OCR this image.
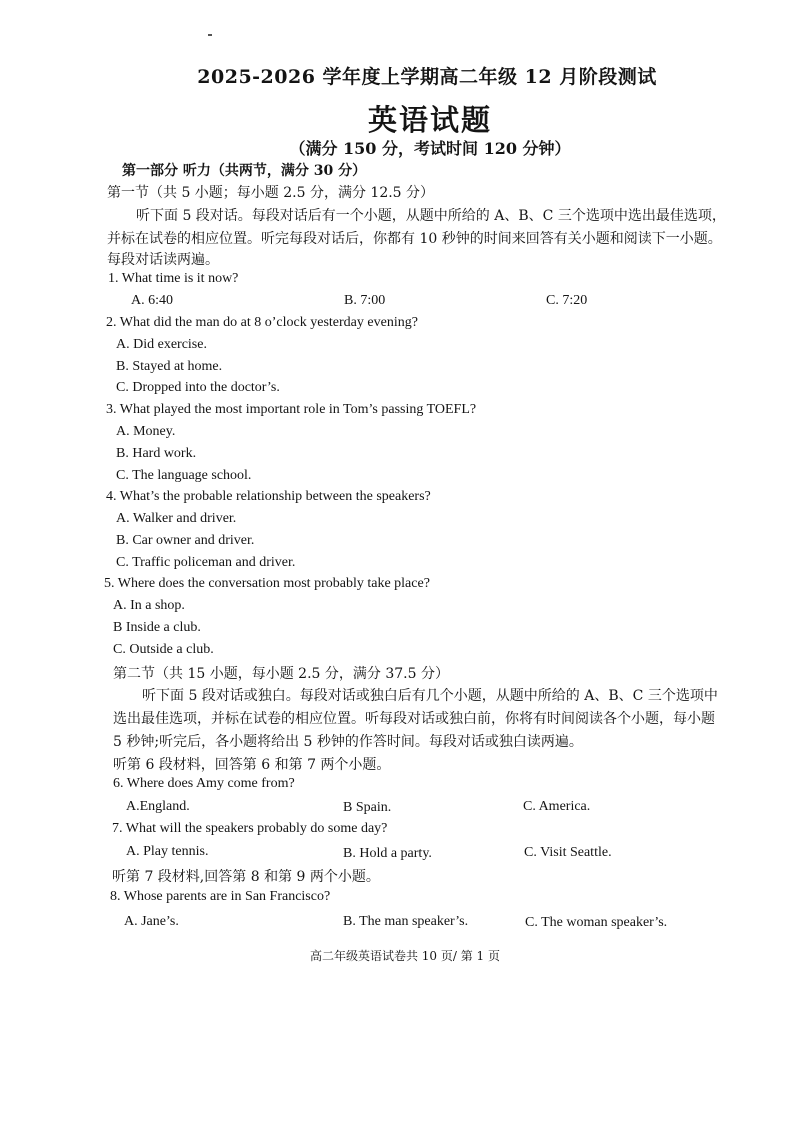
2025-2026 学年度上学期高二年级 12 月阶段测试
英语试题
（满分 150 分，考试时间 120 分钟）
第一部分 听力（共两节，满分 30 分）
第一节（共 5 小题；每小题 2.5 分，满分 12.5 分）
听下面 5 段对话。每段对话后有一个小题，从题中所给的 A、B、C 三个选项中选出最佳选项，
并标在试卷的相应位置。听完每段对话后，你都有 10 秒钟的时间来回答有关小题和阅读下一小题。
每段对话读两遍。
1. What time is it now?
A. 6:40	B. 7:00	C. 7:20
2. What did the man do at 8 o’clock yesterday evening?
A. Did exercise.
B. Stayed at home.
C. Dropped into the doctor’s.
3. What played the most important role in Tom’s passing TOEFL?
A. Money.
B. Hard work.
C. The language school.
4. What’s the probable relationship between the speakers?
A. Walker and driver.
B. Car owner and driver.
C. Traffic policeman and driver.
5. Where does the conversation most probably take place?
A. In a shop.
B Inside a club.
C. Outside a club.
第二节（共 15 小题，每小题 2.5 分，满分 37.5 分）
听下面 5 段对话或独白。每段对话或独白后有几个小题，从题中所给的 A、B、C 三个选项中
选出最佳选项，并标在试卷的相应位置。听每段对话或独白前，你将有时间阅读各个小题，每小题
5 秒钟;听完后，各小题将给出 5 秒钟的作答时间。每段对话或独白读两遍。
听第 6 段材料，回答第 6 和第 7 两个小题。
6. Where does Amy come from?
A.England.	B Spain.	C. America.
7. What will the speakers probably do some day?
A. Play tennis.	B. Hold a party.	C. Visit Seattle.
听第 7 段材料,回答第 8 和第 9 两个小题。
8. Whose parents are in San Francisco?
A. Jane’s.	B. The man speaker’s.	C. The woman speaker’s.
高二年级英语试卷共 10 页/ 第 1 页
